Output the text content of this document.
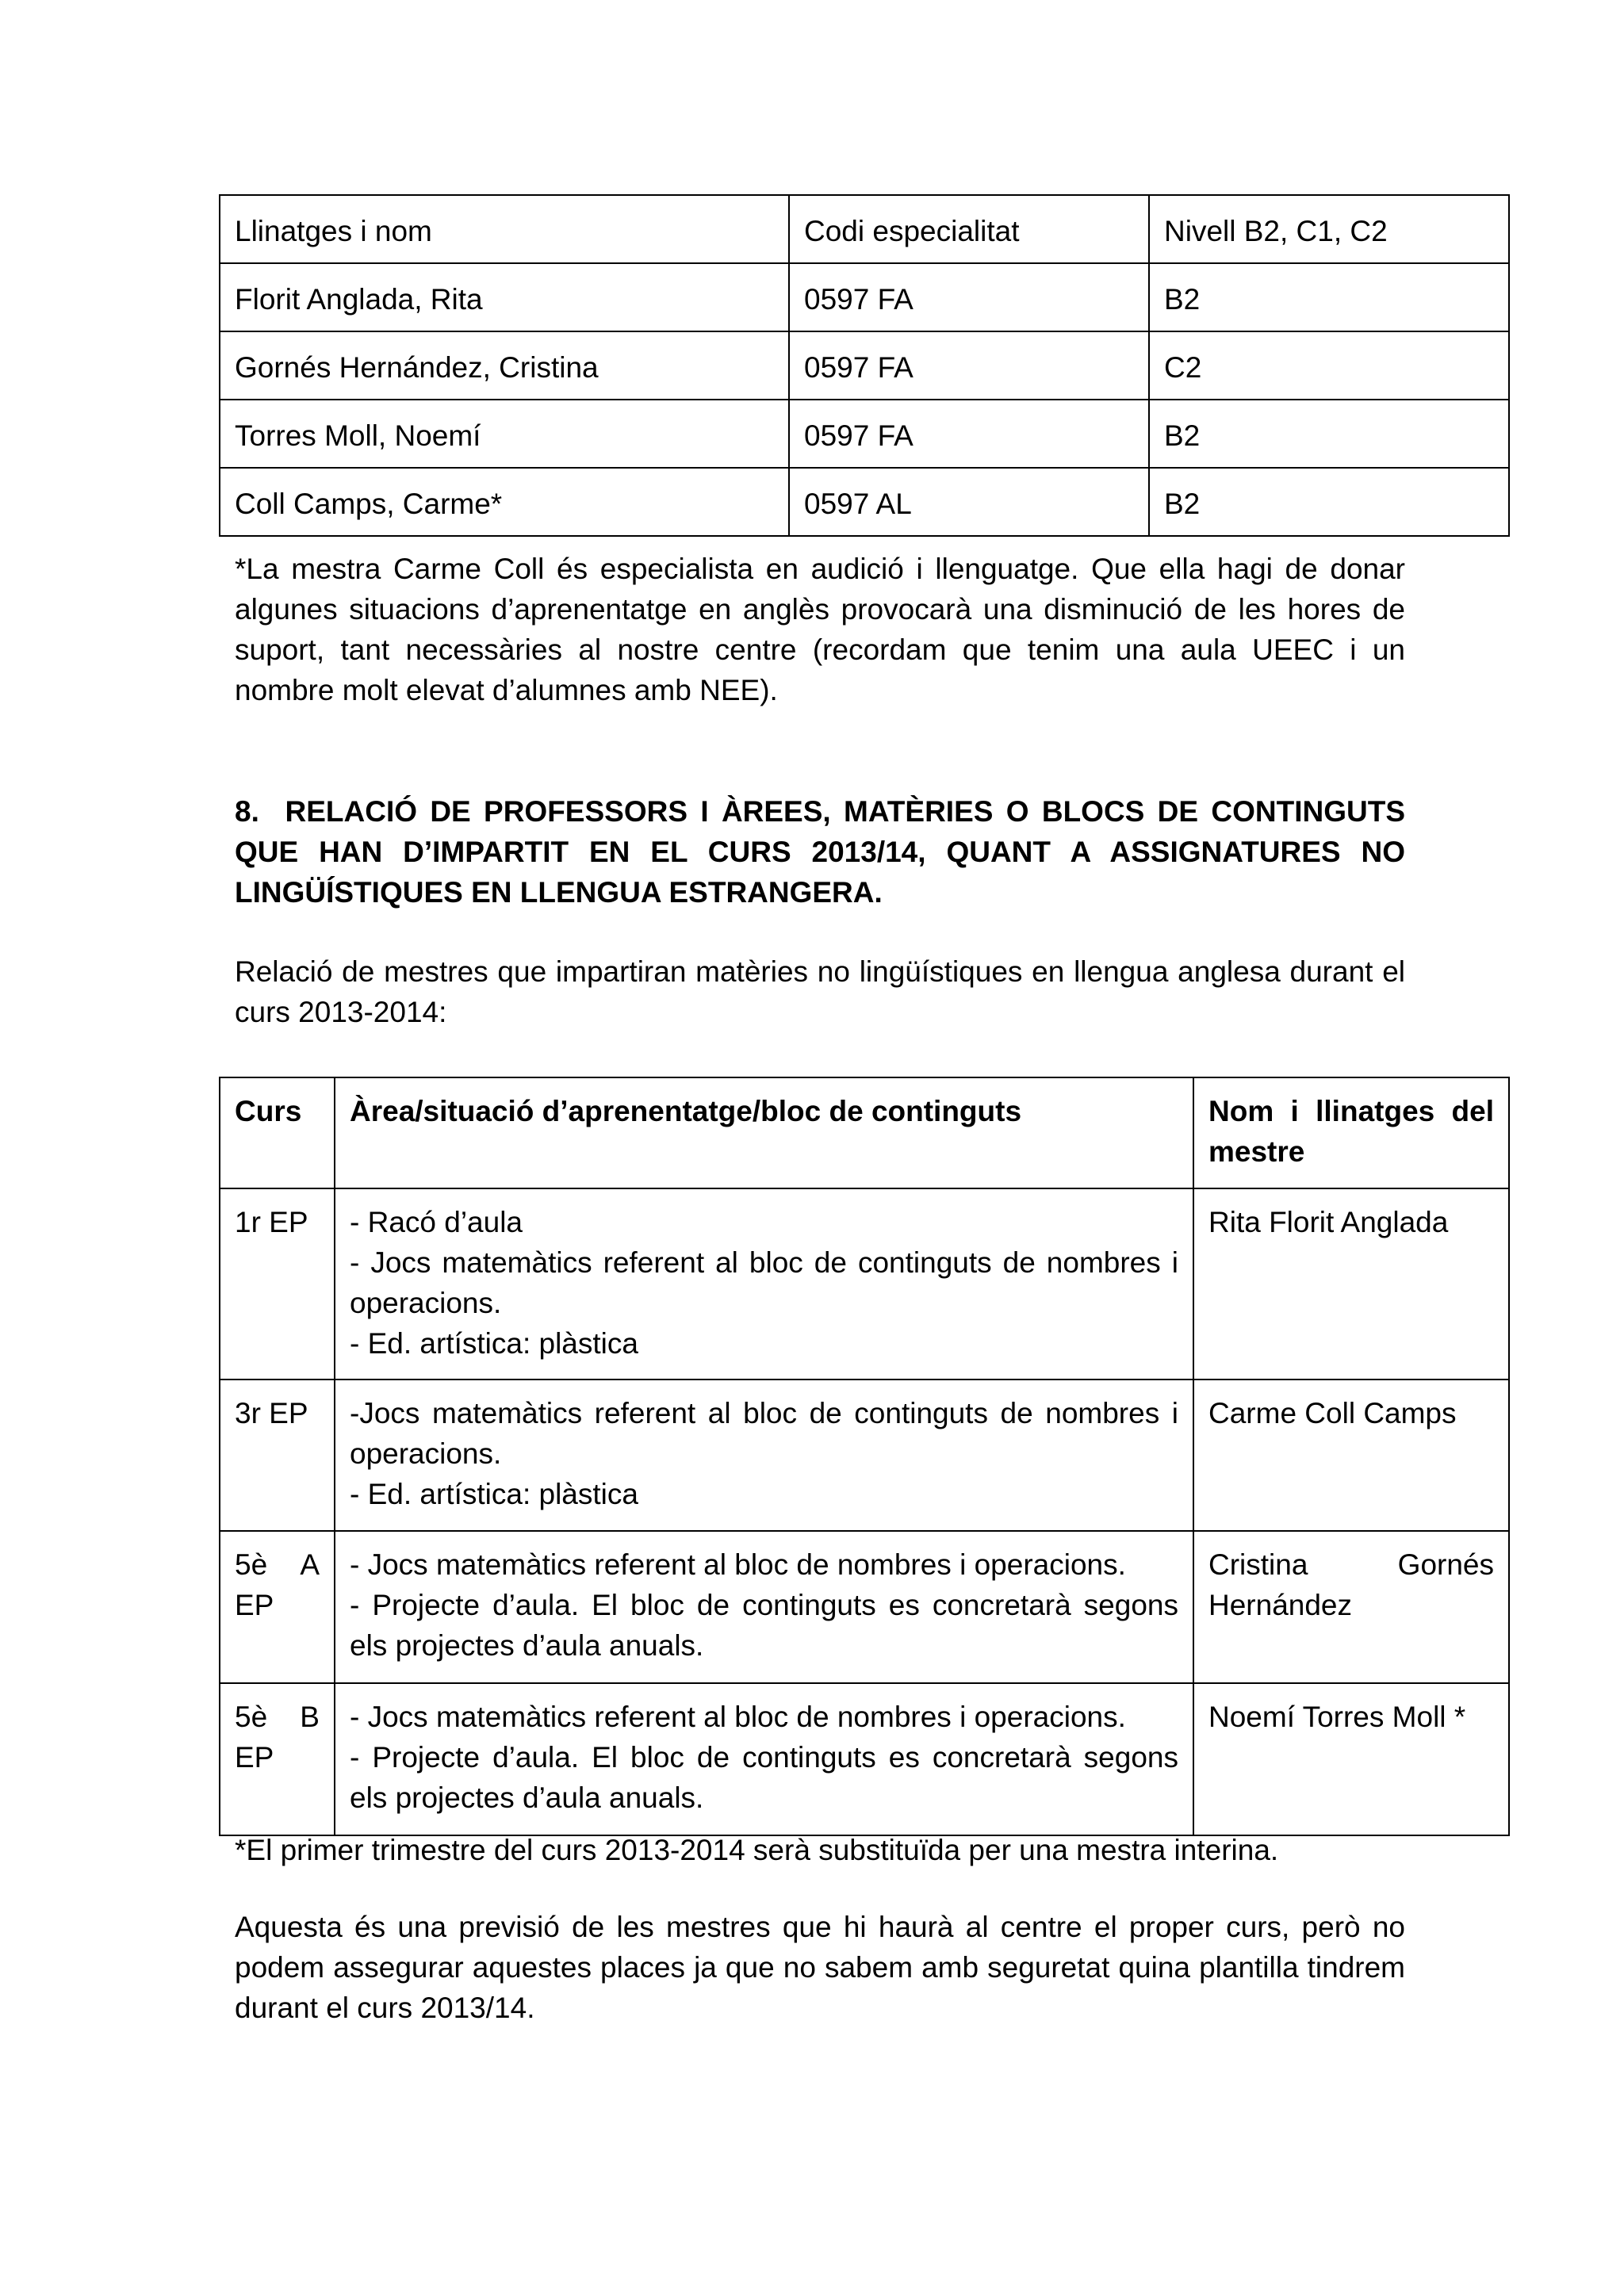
Llinatges i nom	Codi especialitat	Nivell B2, C1, C2
Florit Anglada, Rita	0597 FA	B2
Gornés Hernández, Cristina	0597 FA	C2
Torres Moll, Noemí	0597 FA	B2
Coll Camps, Carme*	0597 AL	B2

*La mestra Carme Coll és especialista en audició i llenguatge. Que ella hagi de donar algunes situacions d’aprenentatge en anglès provocarà una disminució de les hores de suport, tant necessàries al nostre centre (recordam que tenim una aula UEEC i un nombre molt elevat d’alumnes amb NEE).

8. RELACIÓ DE PROFESSORS I ÀREES, MATÈRIES O BLOCS DE CONTINGUTS QUE HAN D’IMPARTIT EN EL CURS 2013/14, QUANT A ASSIGNATURES NO LINGÜÍSTIQUES EN LLENGUA ESTRANGERA.

Relació de mestres que impartiran matèries no lingüístiques en llengua anglesa durant el curs 2013-2014:

Curs	Àrea/situació d’aprenentatge/bloc de continguts	Nom i llinatges del mestre
1r EP	- Racó d’aula
- Jocs matemàtics referent al bloc de continguts de nombres i operacions.
- Ed. artística: plàstica	Rita Florit Anglada
3r EP	-Jocs matemàtics referent al bloc de continguts de nombres i operacions.
- Ed. artística: plàstica	Carme Coll Camps
5è A EP	- Jocs matemàtics referent al bloc de nombres i operacions.
- Projecte d’aula. El bloc de continguts es concretarà segons els projectes d’aula anuals.	Cristina Gornés Hernández
5è B EP	- Jocs matemàtics referent al bloc de nombres i operacions.
- Projecte d’aula. El bloc de continguts es concretarà segons els projectes d’aula anuals.	Noemí Torres Moll *

*El primer trimestre del curs 2013-2014 serà substituïda per una mestra interina.

Aquesta és una previsió de les mestres que hi haurà al centre el proper curs, però no podem assegurar aquestes places ja que no sabem amb seguretat quina plantilla tindrem durant el curs 2013/14.
